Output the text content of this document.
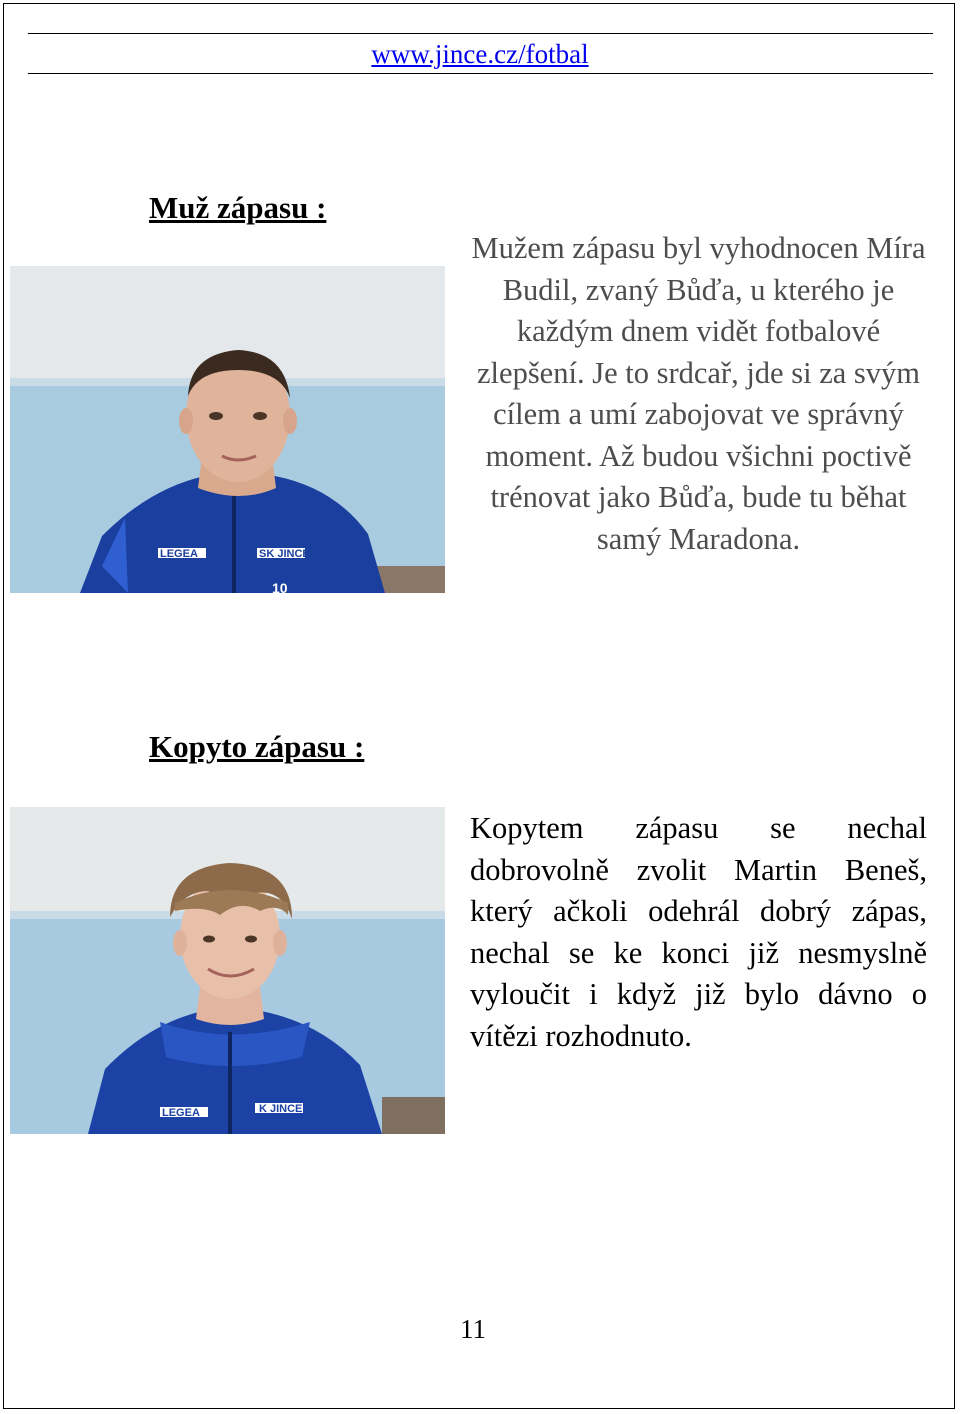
www.jince.cz/fotbal
Muž zápasu :
LEGEA	SK JINCE
10
Mužem zápasu byl vyhodnocen Míra Budil, zvaný Bůďa, u kterého je každým dnem vidět fotbalové zlepšení. Je to srdcař, jde si za svým cílem a umí zabojovat ve správný moment. Až budou všichni poctivě trénovat jako Bůďa, bude tu běhat samý Maradona.
Kopyto zápasu :
LEGEA	K JINCE
Kopytem zápasu se nechal dobrovolně zvolit Martin Beneš, který ačkoli odehrál dobrý zápas, nechal se ke konci již nesmyslně vyloučit i když již bylo dávno o vítězi rozhodnuto.
11
